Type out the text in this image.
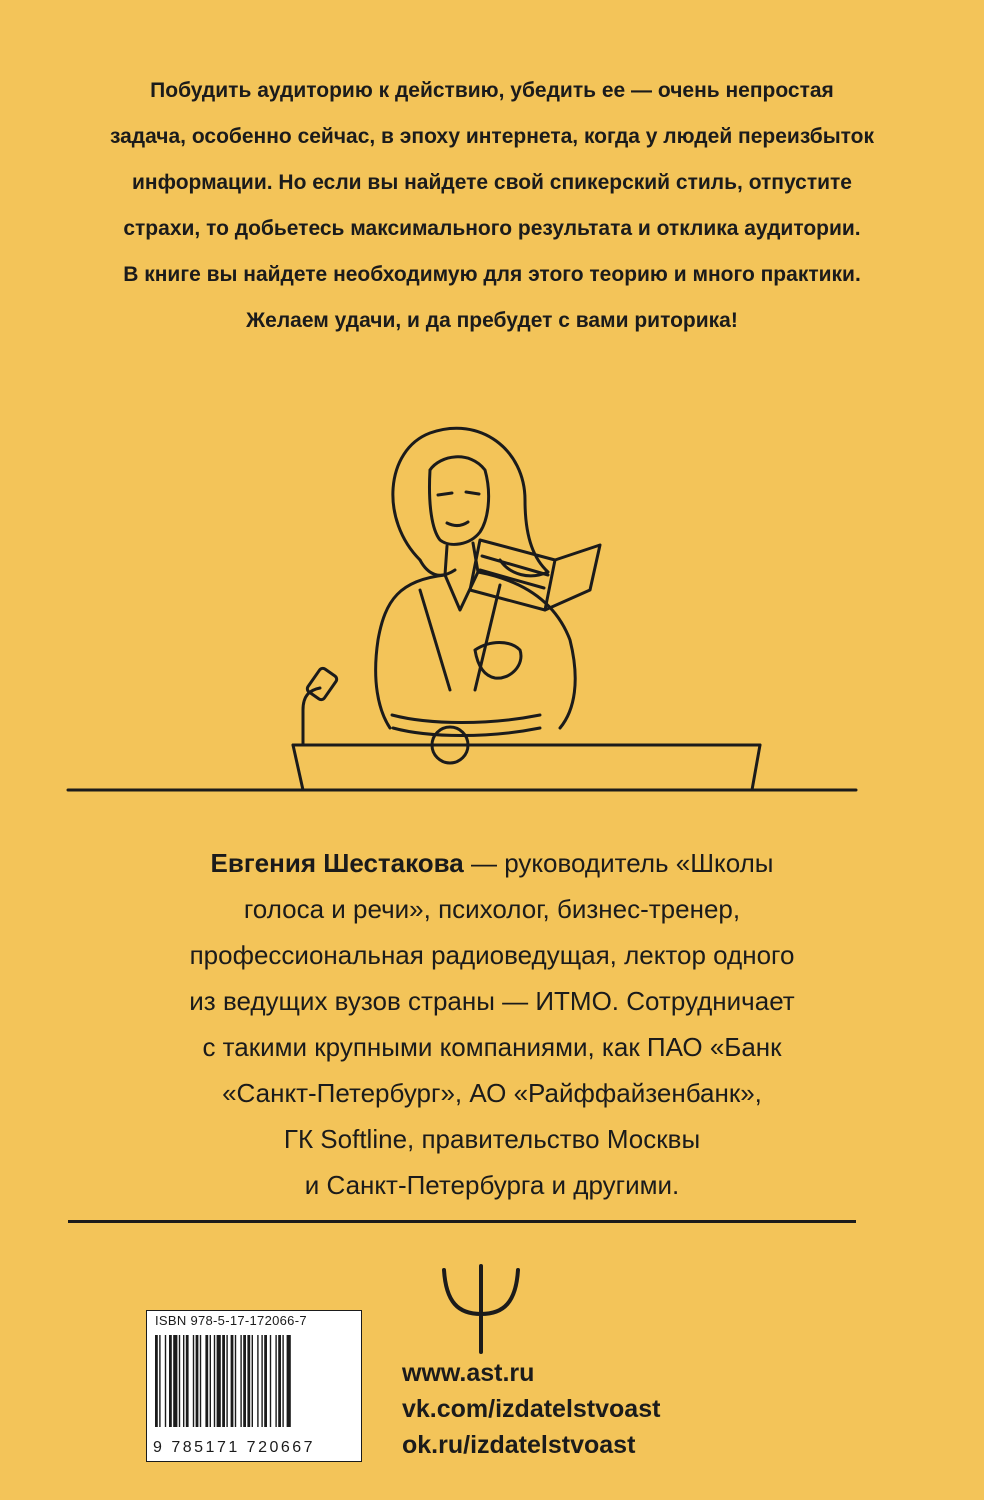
Побудить аудиторию к действию, убедить ее — очень непростая

задача, особенно сейчас, в эпоху интернета, когда у людей переизбыток

информации. Но если вы найдете свой спикерский стиль, отпустите

страхи, то добьетесь максимального результата и отклика аудитории.

В книге вы найдете необходимую для этого теорию и много практики.

Желаем удачи, и да пребудет с вами риторика!

Евгения Шестакова — руководитель «Школы

голоса и речи», психолог, бизнес-тренер,

профессиональная радиоведущая, лектор одного

из ведущих вузов страны — ИТМО. Сотрудничает

с такими крупными компаниями, как ПАО «Банк

«Санкт-Петербург», АО «Райффайзенбанк»,

ГК Softline, правительство Москвы

и Санкт-Петербурга и другими.

ISBN 978-5-17-172066-7
9 785171 720667
www.ast.ru
vk.com/izdatelstvoast
ok.ru/izdatelstvoast
